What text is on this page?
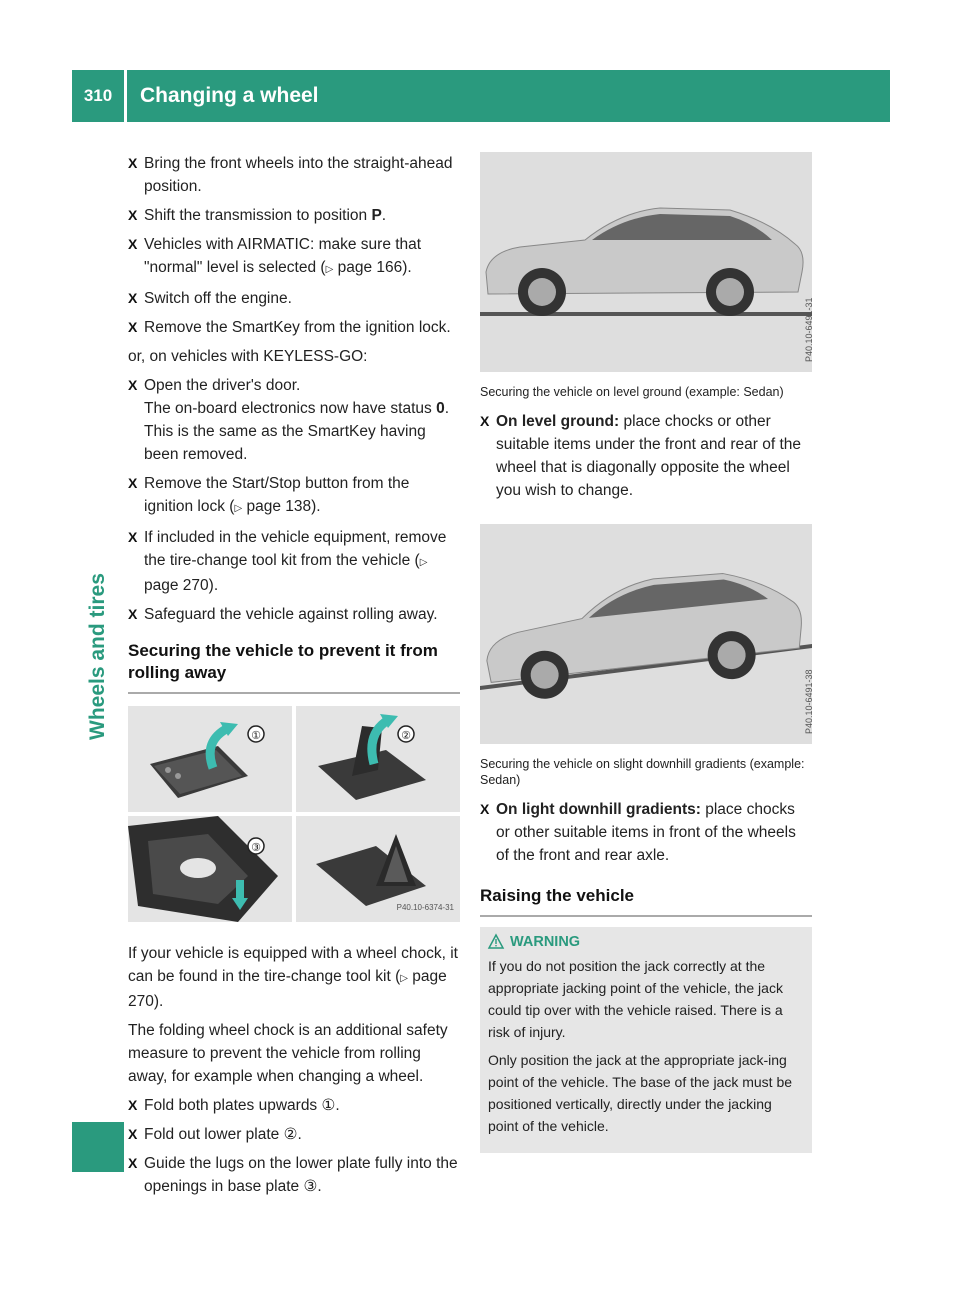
310	Changing a wheel
Wheels and tires
X Bring the front wheels into the straight-ahead position.
X Shift the transmission to position P.
X Vehicles with AIRMATIC: make sure that "normal" level is selected (▷ page 166).
X Switch off the engine.
X Remove the SmartKey from the ignition lock.
or, on vehicles with KEYLESS-GO:
X Open the driver's door.
The on-board electronics now have status 0. This is the same as the SmartKey having been removed.
X Remove the Start/Stop button from the ignition lock (▷ page 138).
X If included in the vehicle equipment, remove the tire-change tool kit from the vehicle (▷ page 270).
X Safeguard the vehicle against rolling away.
Securing the vehicle to prevent it from rolling away
①	②
③
P40.10-6374-31
If your vehicle is equipped with a wheel chock, it can be found in the tire-change tool kit (▷ page 270).
The folding wheel chock is an additional safety measure to prevent the vehicle from rolling away, for example when changing a wheel.
X Fold both plates upwards ①.
X Fold out lower plate ②.
X Guide the lugs on the lower plate fully into the openings in base plate ③.
P40.10-6491-31
Securing the vehicle on level ground (example: Sedan)
X On level ground: place chocks or other suitable items under the front and rear of the wheel that is diagonally opposite the wheel you wish to change.
P40.10-6491-38
Securing the vehicle on slight downhill gradients (example: Sedan)
X On light downhill gradients: place chocks or other suitable items in front of the wheels of the front and rear axle.
Raising the vehicle
WARNING

If you do not position the jack correctly at the appropriate jacking point of the vehicle, the jack could tip over with the vehicle raised. There is a risk of injury.

Only position the jack at the appropriate jack-ing point of the vehicle. The base of the jack must be positioned vertically, directly under the jacking point of the vehicle.
